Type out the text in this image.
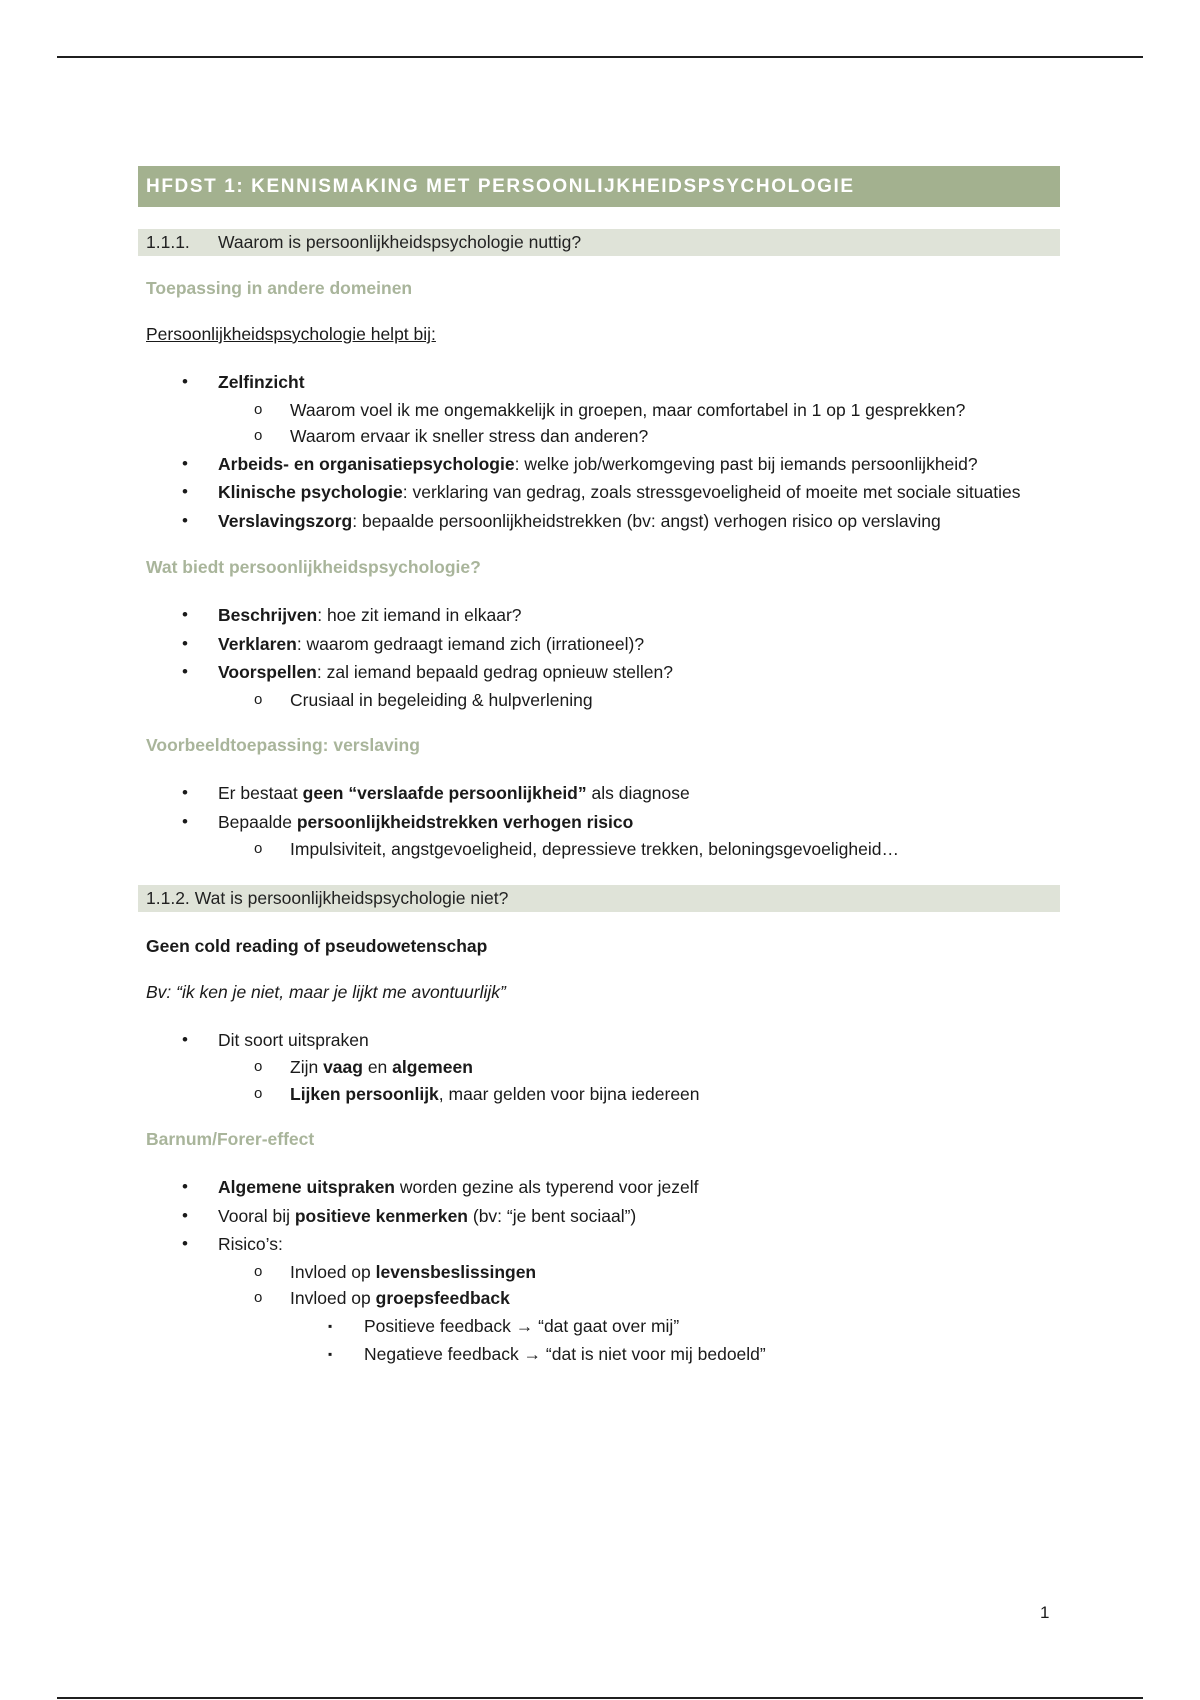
HFDST 1: KENNISMAKING MET PERSOONLIJKHEIDSPSYCHOLOGIE
1.1.1. Waarom is persoonlijkheidspsychologie nuttig?
Toepassing in andere domeinen
Persoonlijkheidspsychologie helpt bij:
• Zelfinzicht
o Waarom voel ik me ongemakkelijk in groepen, maar comfortabel in 1 op 1 gesprekken?
o Waarom ervaar ik sneller stress dan anderen?
• Arbeids- en organisatiepsychologie: welke job/werkomgeving past bij iemands persoonlijkheid?
• Klinische psychologie: verklaring van gedrag, zoals stressgevoeligheid of moeite met sociale situaties
• Verslavingszorg: bepaalde persoonlijkheidstrekken (bv: angst) verhogen risico op verslaving
Wat biedt persoonlijkheidspsychologie?
• Beschrijven: hoe zit iemand in elkaar?
• Verklaren: waarom gedraagt iemand zich (irrationeel)?
• Voorspellen: zal iemand bepaald gedrag opnieuw stellen?
o Crusiaal in begeleiding & hulpverlening
Voorbeeldtoepassing: verslaving
• Er bestaat geen “verslaafde persoonlijkheid” als diagnose
• Bepaalde persoonlijkheidstrekken verhogen risico
o Impulsiviteit, angstgevoeligheid, depressieve trekken, beloningsgevoeligheid…
1.1.2. Wat is persoonlijkheidspsychologie niet?
Geen cold reading of pseudowetenschap
Bv: “ik ken je niet, maar je lijkt me avontuurlijk”
• Dit soort uitspraken
o Zijn vaag en algemeen
o Lijken persoonlijk, maar gelden voor bijna iedereen
Barnum/Forer-effect
• Algemene uitspraken worden gezine als typerend voor jezelf
• Vooral bij positieve kenmerken (bv: “je bent sociaal”)
• Risico’s:
o Invloed op levensbeslissingen
o Invloed op groepsfeedback
▪ Positieve feedback → “dat gaat over mij”
▪ Negatieve feedback → “dat is niet voor mij bedoeld”
1
